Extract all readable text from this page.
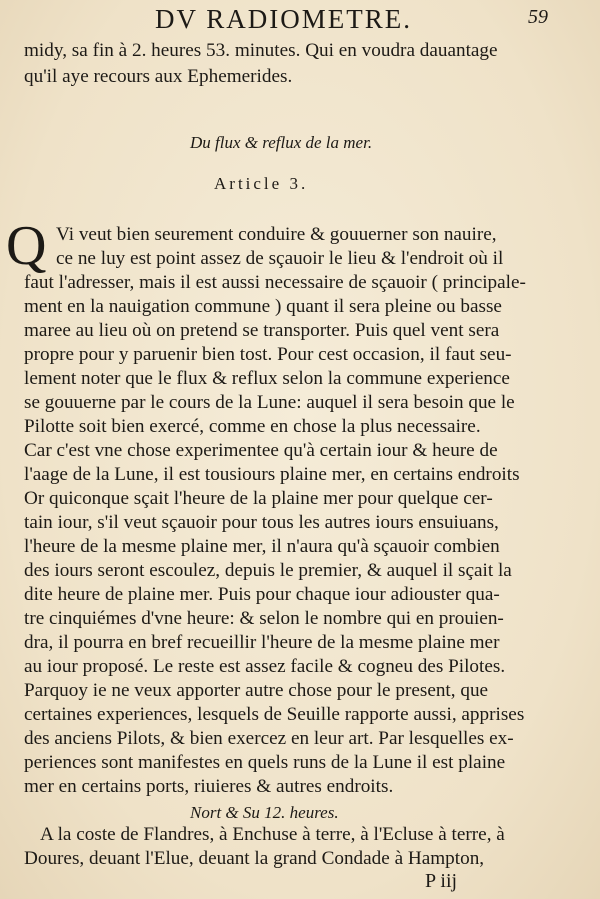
DV RADIOMETRE.	59
midy, sa fin à 2. heures 53. minutes. Qui en voudra dauantage
qu'il aye recours aux Ephemerides.
Du flux & reflux de la mer.
Article 3.
Q Vi veut bien seurement conduire & gouuerner son nauire,
ce ne luy est point assez de sçauoir le lieu & l'endroit où il
faut l'adresser, mais il est aussi necessaire de sçauoir ( principale-
ment en la nauigation commune ) quant il sera pleine ou basse
maree au lieu où on pretend se transporter. Puis quel vent sera
propre pour y paruenir bien tost. Pour cest occasion, il faut seu-
lement noter que le flux & reflux selon la commune experience
se gouuerne par le cours de la Lune: auquel il sera besoin que le
Pilotte soit bien exercé, comme en chose la plus necessaire.
Car c'est vne chose experimentee qu'à certain iour & heure de
l'aage de la Lune, il est tousiours plaine mer, en certains endroits
Or quiconque sçait l'heure de la plaine mer pour quelque cer-
tain iour, s'il veut sçauoir pour tous les autres iours ensuiuans,
l'heure de la mesme plaine mer, il n'aura qu'à sçauoir combien
des iours seront escoulez, depuis le premier, & auquel il sçait la
dite heure de plaine mer. Puis pour chaque iour adiouster qua-
tre cinquiémes d'vne heure: & selon le nombre qui en prouien-
dra, il pourra en bref recueillir l'heure de la mesme plaine mer
au iour proposé. Le reste est assez facile & cogneu des Pilotes.
Parquoy ie ne veux apporter autre chose pour le present, que
certaines experiences, lesquels de Seuille rapporte aussi, apprises
des anciens Pilots, & bien exercez en leur art. Par lesquelles ex-
periences sont manifestes en quels runs de la Lune il est plaine
mer en certains ports, riuieres & autres endroits.
Nort & Su 12. heures.
A la coste de Flandres, à Enchuse à terre, à l'Ecluse à terre, à
Doures, deuant l'Elue, deuant la grand Condade à Hampton,
P iij
